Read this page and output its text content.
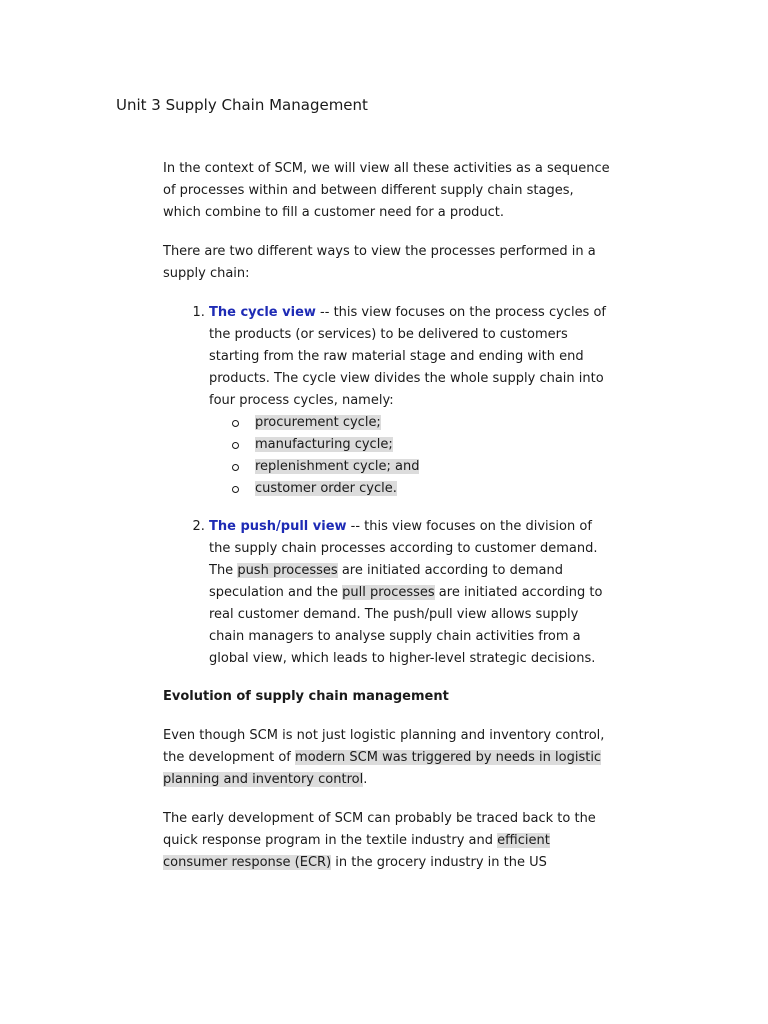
Unit 3 Supply Chain Management

In the context of SCM, we will view all these activities as a sequence of processes within and between different supply chain stages, which combine to fill a customer need for a product.

There are two different ways to view the processes performed in a supply chain:

1. The cycle view -- this view focuses on the process cycles of the products (or services) to be delivered to customers starting from the raw material stage and ending with end products. The cycle view divides the whole supply chain into four process cycles, namely:
procurement cycle;
manufacturing cycle;
replenishment cycle; and
customer order cycle.
2. The push/pull view -- this view focuses on the division of the supply chain processes according to customer demand. The push processes are initiated according to demand speculation and the pull processes are initiated according to real customer demand. The push/pull view allows supply chain managers to analyse supply chain activities from a global view, which leads to higher-level strategic decisions.
Evolution of supply chain management

Even though SCM is not just logistic planning and inventory control, the development of modern SCM was triggered by needs in logistic planning and inventory control.

The early development of SCM can probably be traced back to the quick response program in the textile industry and efficient consumer response (ECR) in the grocery industry in the US
